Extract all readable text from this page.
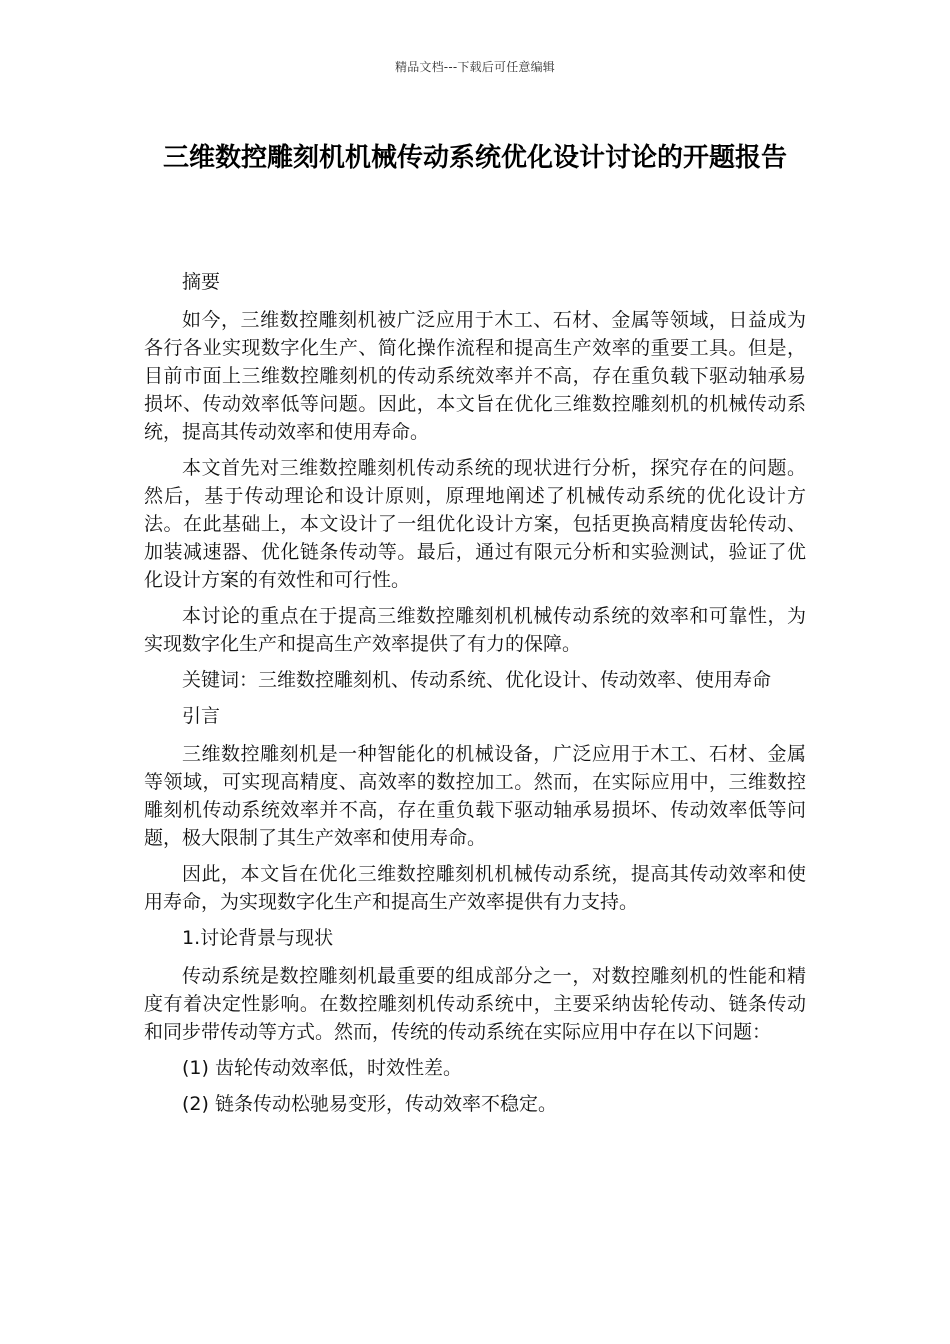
精品文档---下载后可任意编辑
三维数控雕刻机机械传动系统优化设计讨论的开题报告

摘要

如今，三维数控雕刻机被广泛应用于木工、石材、金属等领域，日益成为各行各业实现数字化生产、简化操作流程和提高生产效率的重要工具。但是，目前市面上三维数控雕刻机的传动系统效率并不高，存在重负载下驱动轴承易损坏、传动效率低等问题。因此，本文旨在优化三维数控雕刻机的机械传动系统，提高其传动效率和使用寿命。

本文首先对三维数控雕刻机传动系统的现状进行分析，探究存在的问题。然后，基于传动理论和设计原则，原理地阐述了机械传动系统的优化设计方法。在此基础上，本文设计了一组优化设计方案，包括更换高精度齿轮传动、加装减速器、优化链条传动等。最后，通过有限元分析和实验测试，验证了优化设计方案的有效性和可行性。

本讨论的重点在于提高三维数控雕刻机机械传动系统的效率和可靠性，为实现数字化生产和提高生产效率提供了有力的保障。

关键词：三维数控雕刻机、传动系统、优化设计、传动效率、使用寿命

引言

三维数控雕刻机是一种智能化的机械设备，广泛应用于木工、石材、金属等领域，可实现高精度、高效率的数控加工。然而，在实际应用中，三维数控雕刻机传动系统效率并不高，存在重负载下驱动轴承易损坏、传动效率低等问题，极大限制了其生产效率和使用寿命。

因此，本文旨在优化三维数控雕刻机机械传动系统，提高其传动效率和使用寿命，为实现数字化生产和提高生产效率提供有力支持。

1.讨论背景与现状

传动系统是数控雕刻机最重要的组成部分之一，对数控雕刻机的性能和精度有着决定性影响。在数控雕刻机传动系统中，主要采纳齿轮传动、链条传动和同步带传动等方式。然而，传统的传动系统在实际应用中存在以下问题：

(1) 齿轮传动效率低，时效性差。

(2) 链条传动松驰易变形，传动效率不稳定。
